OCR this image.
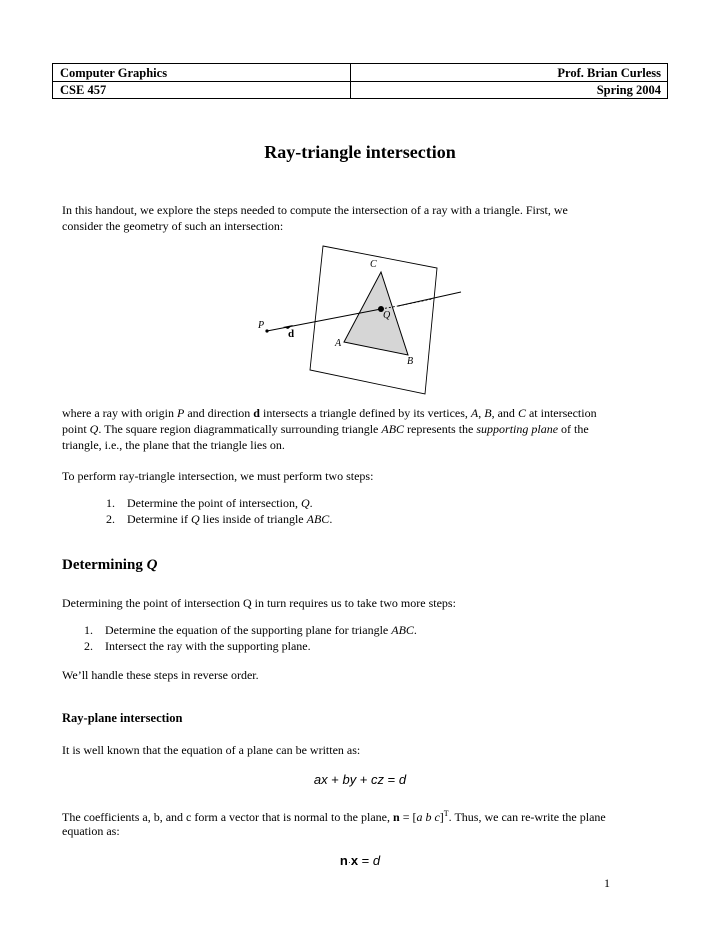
Computer Graphics	Prof. Brian Curless
CSE 457	Spring 2004
Ray-triangle intersection
In this handout, we explore the steps needed to compute the intersection of a ray with a triangle. First, we
consider the geometry of such an intersection:
C
Q
P
d
A
B
where a ray with origin P and direction d intersects a triangle defined by its vertices, A, B, and C at intersection
point Q. The square region diagrammatically surrounding triangle ABC represents the supporting plane of the
triangle, i.e., the plane that the triangle lies on.
To perform ray-triangle intersection, we must perform two steps:
1. Determine the point of intersection, Q.
2. Determine if Q lies inside of triangle ABC.
Determining Q
Determining the point of intersection Q in turn requires us to take two more steps:
1. Determine the equation of the supporting plane for triangle ABC.
2. Intersect the ray with the supporting plane.
We’ll handle these steps in reverse order.
Ray-plane intersection
It is well known that the equation of a plane can be written as:
ax + by + cz = d
The coefficients a, b, and c form a vector that is normal to the plane, n = [a b c]$^T$. Thus, we can re-write the plane
equation as:
n·x = d
1
